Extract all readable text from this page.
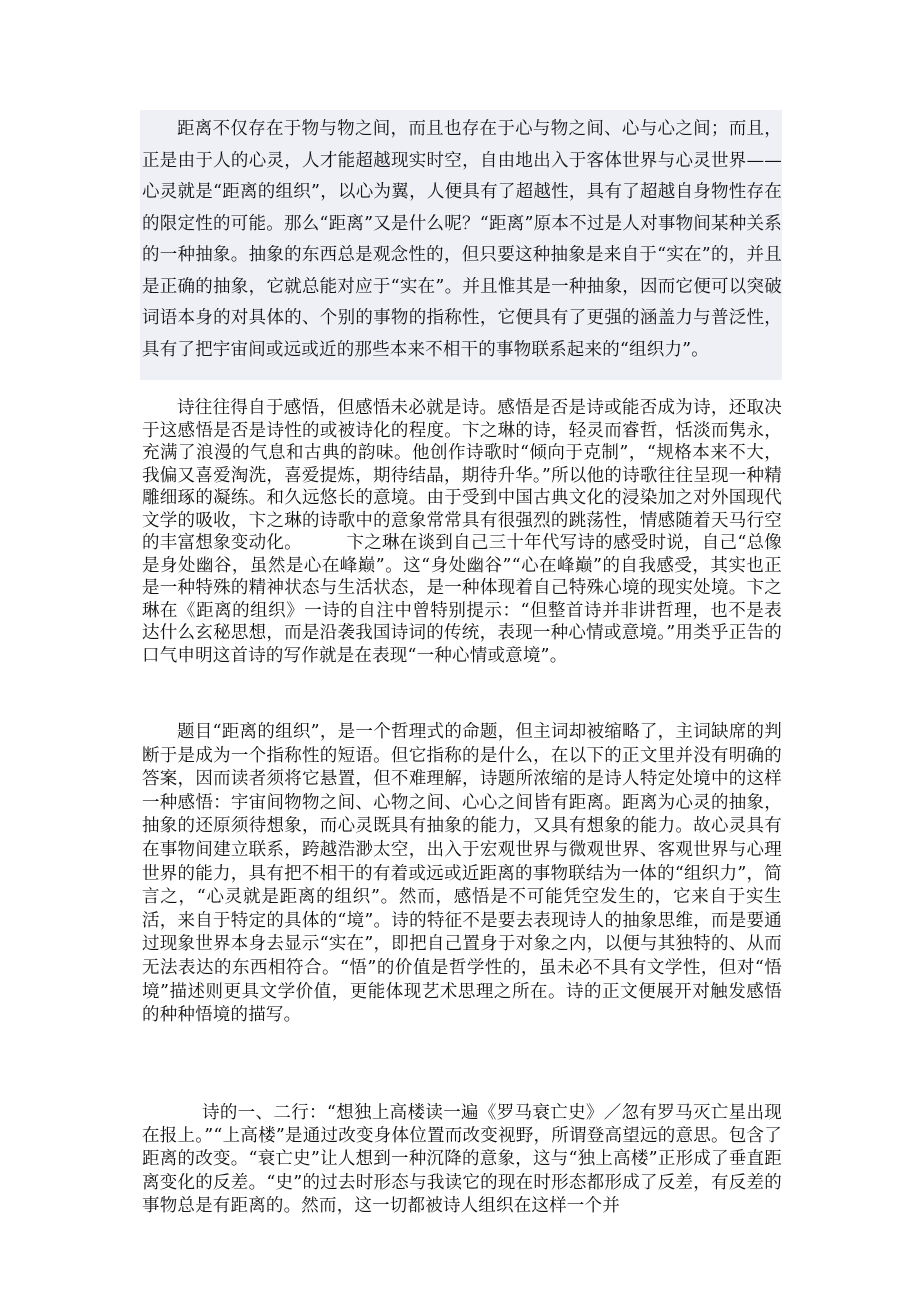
距离不仅存在于物与物之间，而且也存在于心与物之间、心与心之间；而且，正是由于人的心灵，人才能超越现实时空，自由地出入于客体世界与心灵世界——心灵就是“距离的组织”，以心为翼，人便具有了超越性，具有了超越自身物性存在的限定性的可能。那么“距离”又是什么呢？“距离”原本不过是人对事物间某种关系的一种抽象。抽象的东西总是观念性的，但只要这种抽象是来自于“实在”的，并且是正确的抽象，它就总能对应于“实在”。并且惟其是一种抽象，因而它便可以突破词语本身的对具体的、个别的事物的指称性，它便具有了更强的涵盖力与普泛性，具有了把宇宙间或远或近的那些本来不相干的事物联系起来的“组织力”。

诗往往得自于感悟，但感悟未必就是诗。感悟是否是诗或能否成为诗，还取决于这感悟是否是诗性的或被诗化的程度。卞之琳的诗，轻灵而睿哲，恬淡而隽永，充满了浪漫的气息和古典的韵味。他创作诗歌时“倾向于克制”，“规格本来不大，我偏又喜爱淘洗，喜爱提炼，期待结晶，期待升华。”所以他的诗歌往往呈现一种精雕细琢的凝练。和久远悠长的意境。由于受到中国古典文化的浸染加之对外国现代文学的吸收，卞之琳的诗歌中的意象常常具有很强烈的跳荡性，情感随着天马行空的丰富想象变动化。　　　卞之琳在谈到自己三十年代写诗的感受时说，自己“总像是身处幽谷，虽然是心在峰巅”。这“身处幽谷”“心在峰巅”的自我感受，其实也正是一种特殊的精神状态与生活状态，是一种体现着自己特殊心境的现实处境。卞之琳在《距离的组织》一诗的自注中曾特别提示：“但整首诗并非讲哲理，也不是表达什么玄秘思想，而是沿袭我国诗词的传统，表现一种心情或意境。”用类乎正告的口气申明这首诗的写作就是在表现“一种心情或意境”。

题目“距离的组织”，是一个哲理式的命题，但主词却被缩略了，主词缺席的判断于是成为一个指称性的短语。但它指称的是什么，在以下的正文里并没有明确的答案，因而读者须将它悬置，但不难理解，诗题所浓缩的是诗人特定处境中的这样一种感悟：宇宙间物物之间、心物之间、心心之间皆有距离。距离为心灵的抽象，抽象的还原须待想象，而心灵既具有抽象的能力，又具有想象的能力。故心灵具有在事物间建立联系，跨越浩渺太空，出入于宏观世界与微观世界、客观世界与心理世界的能力，具有把不相干的有着或远或近距离的事物联结为一体的“组织力”，简言之，“心灵就是距离的组织”。然而，感悟是不可能凭空发生的，它来自于实生活，来自于特定的具体的“境”。诗的特征不是要去表现诗人的抽象思维，而是要通过现象世界本身去显示“实在”，即把自己置身于对象之内，以便与其独特的、从而无法表达的东西相符合。“悟”的价值是哲学性的，虽未必不具有文学性，但对“悟境”描述则更具文学价值，更能体现艺术思理之所在。诗的正文便展开对触发感悟的种种悟境的描写。

诗的一、二行：“想独上高楼读一遍《罗马衰亡史》／忽有罗马灭亡星出现在报上。”“上高楼”是通过改变身体位置而改变视野，所谓登高望远的意思。包含了距离的改变。“衰亡史”让人想到一种沉降的意象，这与“独上高楼”正形成了垂直距离变化的反差。“史”的过去时形态与我读它的现在时形态都形成了反差，有反差的事物总是有距离的。然而，这一切都被诗人组织在这样一个并
